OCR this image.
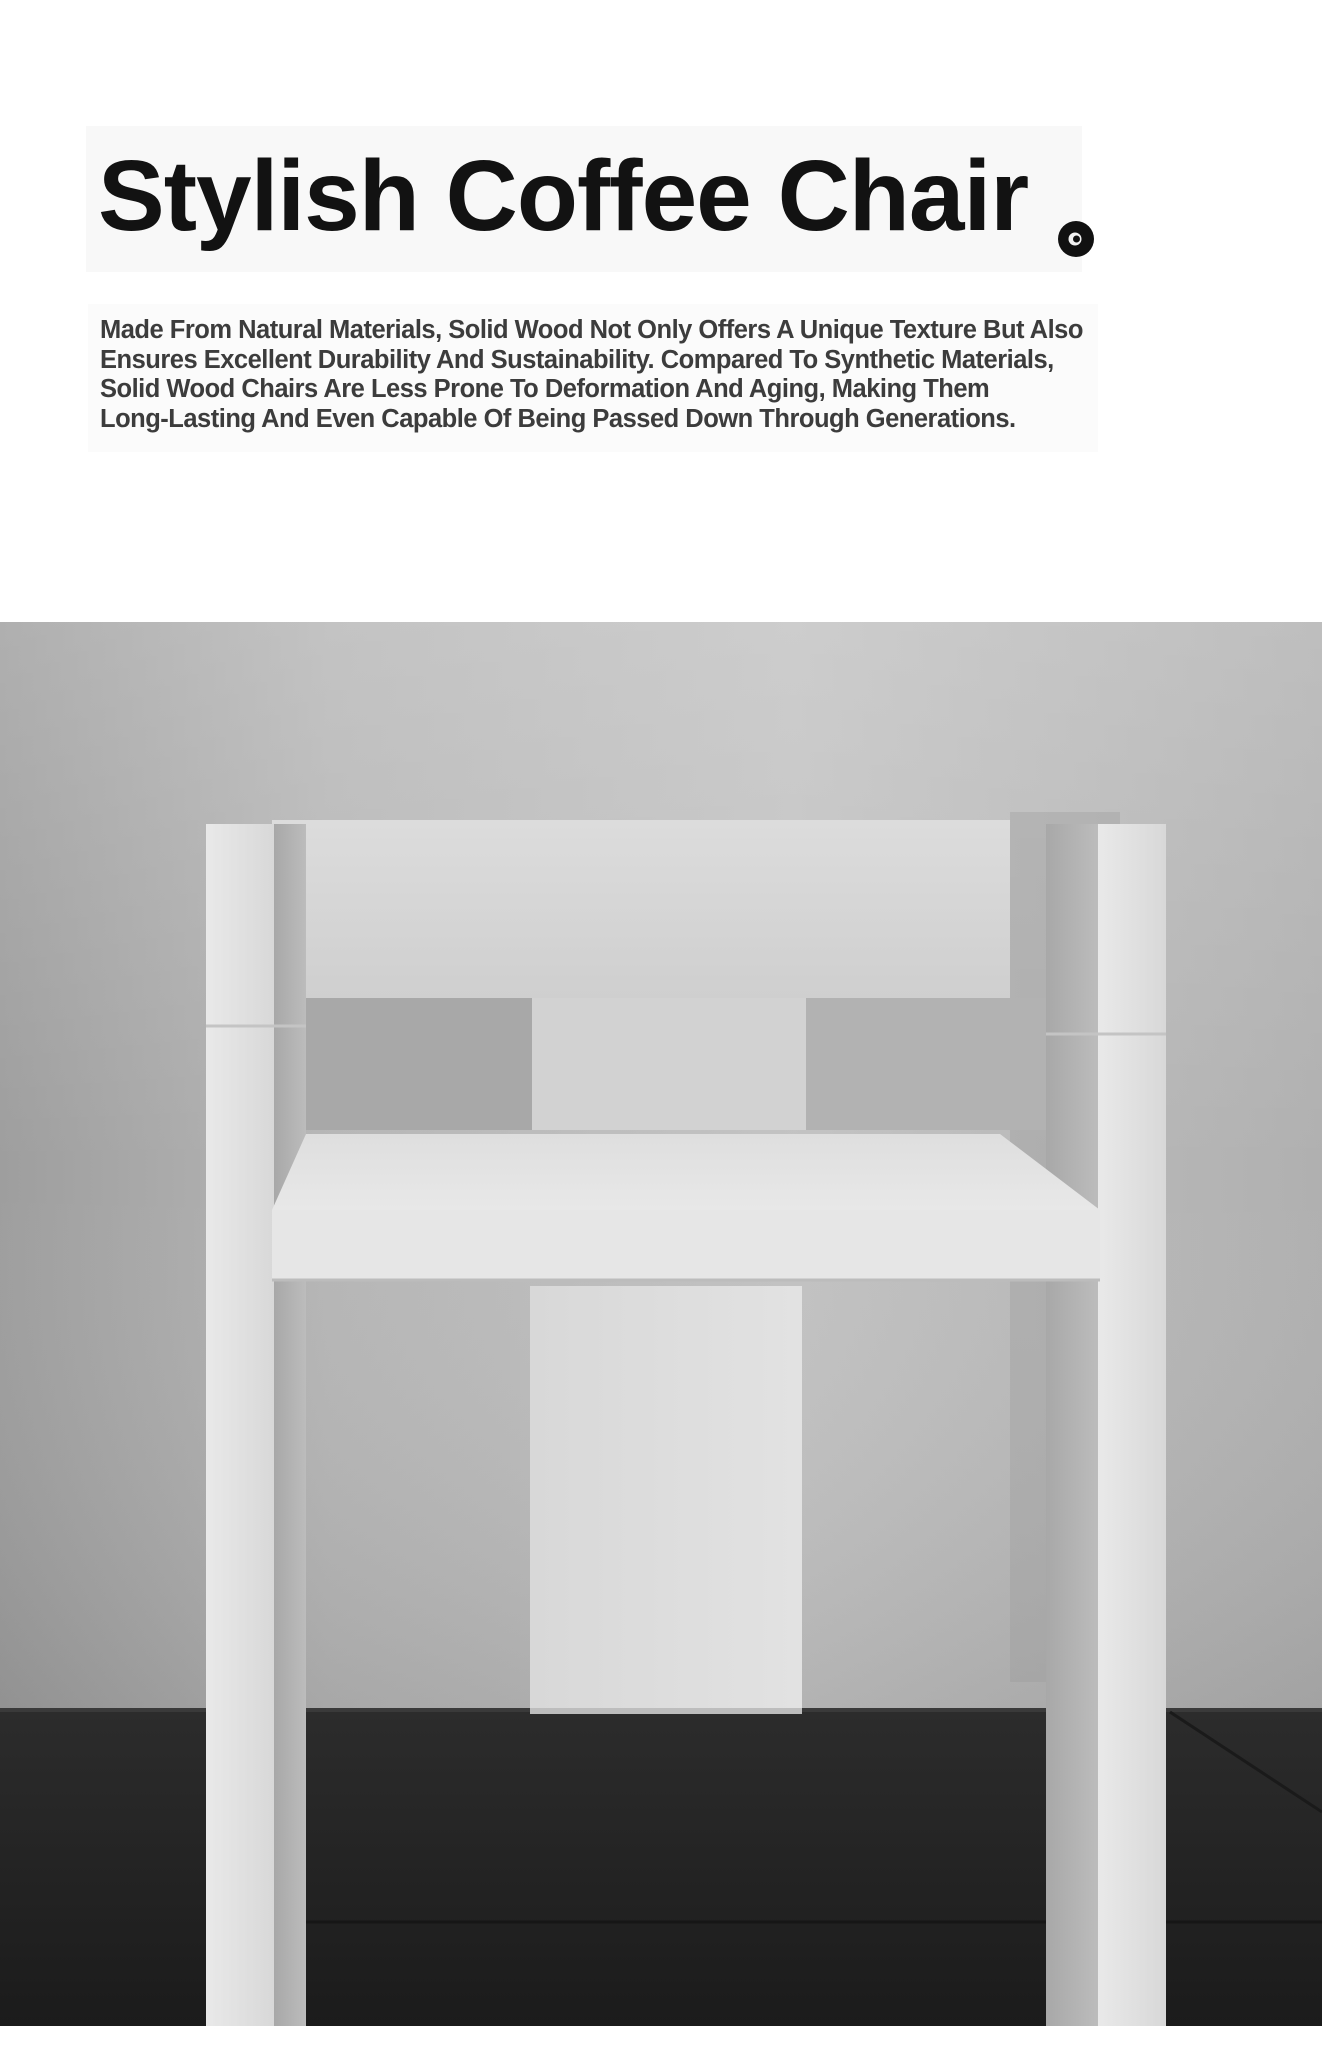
Stylish Coffee Chair

Made From Natural Materials, Solid Wood Not Only Offers A Unique Texture But Also
Ensures Excellent Durability And Sustainability. Compared To Synthetic Materials,
Solid Wood Chairs Are Less Prone To Deformation And Aging, Making Them
Long-Lasting And Even Capable Of Being Passed Down Through Generations.
